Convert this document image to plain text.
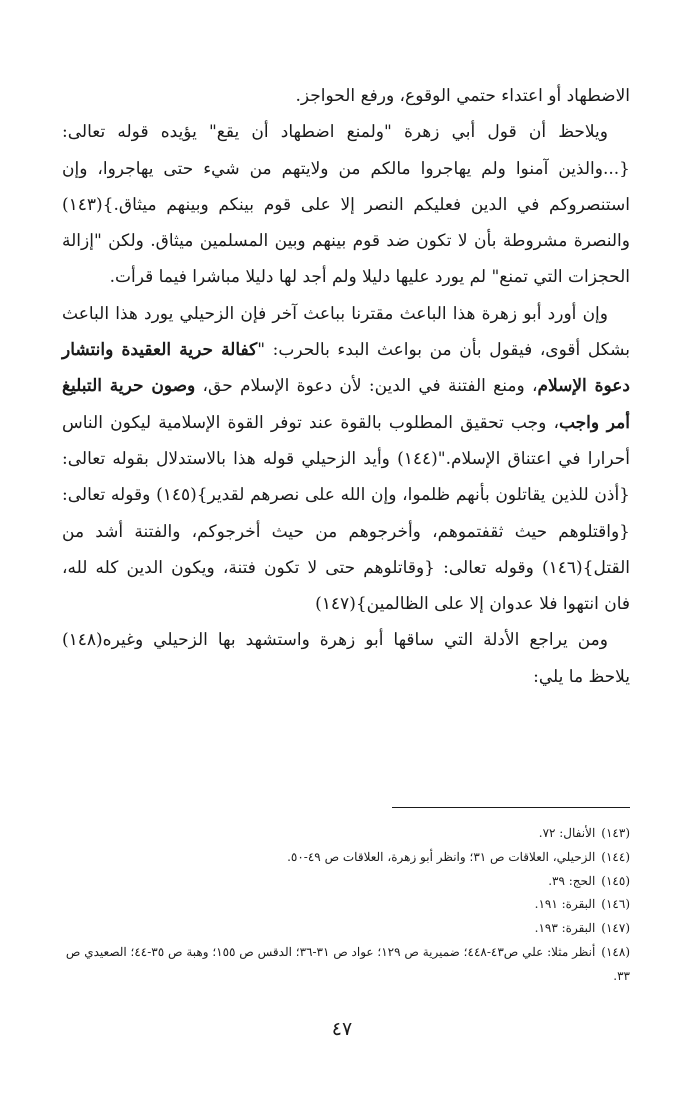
الاضطهاد أو اعتداء حتمي الوقوع، ورفع الحواجز.

ويلاحظ أن قول أبي زهرة "ولمنع اضطهاد أن يقع" يؤيده قوله تعالى: {...والذين آمنوا ولم يهاجروا مالكم من ولايتهم من شيء حتى يهاجروا، وإن استنصروكم في الدين فعليكم النصر إلا على قوم بينكم وبينهم ميثاق.}(١٤٣) والنصرة مشروطة بأن لا تكون ضد قوم بينهم وبين المسلمين ميثاق. ولكن "إزالة الحجزات التي تمنع" لم يورد عليها دليلا ولم أجد لها دليلا مباشرا فيما قرأت.

وإن أورد أبو زهرة هذا الباعث مقترنا بباعث آخر فإن الزحيلي يورد هذا الباعث بشكل أقوى، فيقول بأن من بواعث البدء بالحرب: "كفالة حرية العقيدة وانتشار دعوة الإسلام، ومنع الفتنة في الدين: لأن دعوة الإسلام حق، وصون حرية التبليغ أمر واجب، وجب تحقيق المطلوب بالقوة عند توفر القوة الإسلامية ليكون الناس أحرارا في اعتناق الإسلام."(١٤٤) وأيد الزحيلي قوله هذا بالاستدلال بقوله تعالى: {أذن للذين يقاتلون بأنهم ظلموا، وإن الله على نصرهم لقدير}(١٤٥) وقوله تعالى: {واقتلوهم حيث ثقفتموهم، وأخرجوهم من حيث أخرجوكم، والفتنة أشد من القتل}(١٤٦) وقوله تعالى: {وقاتلوهم حتى لا تكون فتنة، ويكون الدين كله لله، فان انتهوا فلا عدوان إلا على الظالمين}(١٤٧)

ومن يراجع الأدلة التي ساقها أبو زهرة واستشهد بها الزحيلي وغيره(١٤٨) يلاحظ ما يلي:

(١٤٣)الأنفال: ٧٢.

(١٤٤)الزحيلي، العلاقات ص ٣١؛ وانظر أبو زهرة، العلاقات ص ٤٩-٥٠.

(١٤٥)الحج: ٣٩.

(١٤٦)البقرة: ١٩١.

(١٤٧)البقرة: ١٩٣.

(١٤٨)أنظر مثلا: علي ص٤٣-٤٤٨؛ ضميرية ص ١٢٩؛ عواد ص ٣١-٣٦؛ الدقس ص ١٥٥؛ وهبة ص ٣٥-٤٤؛ الصعيدي ص ٣٣.

٤٧
